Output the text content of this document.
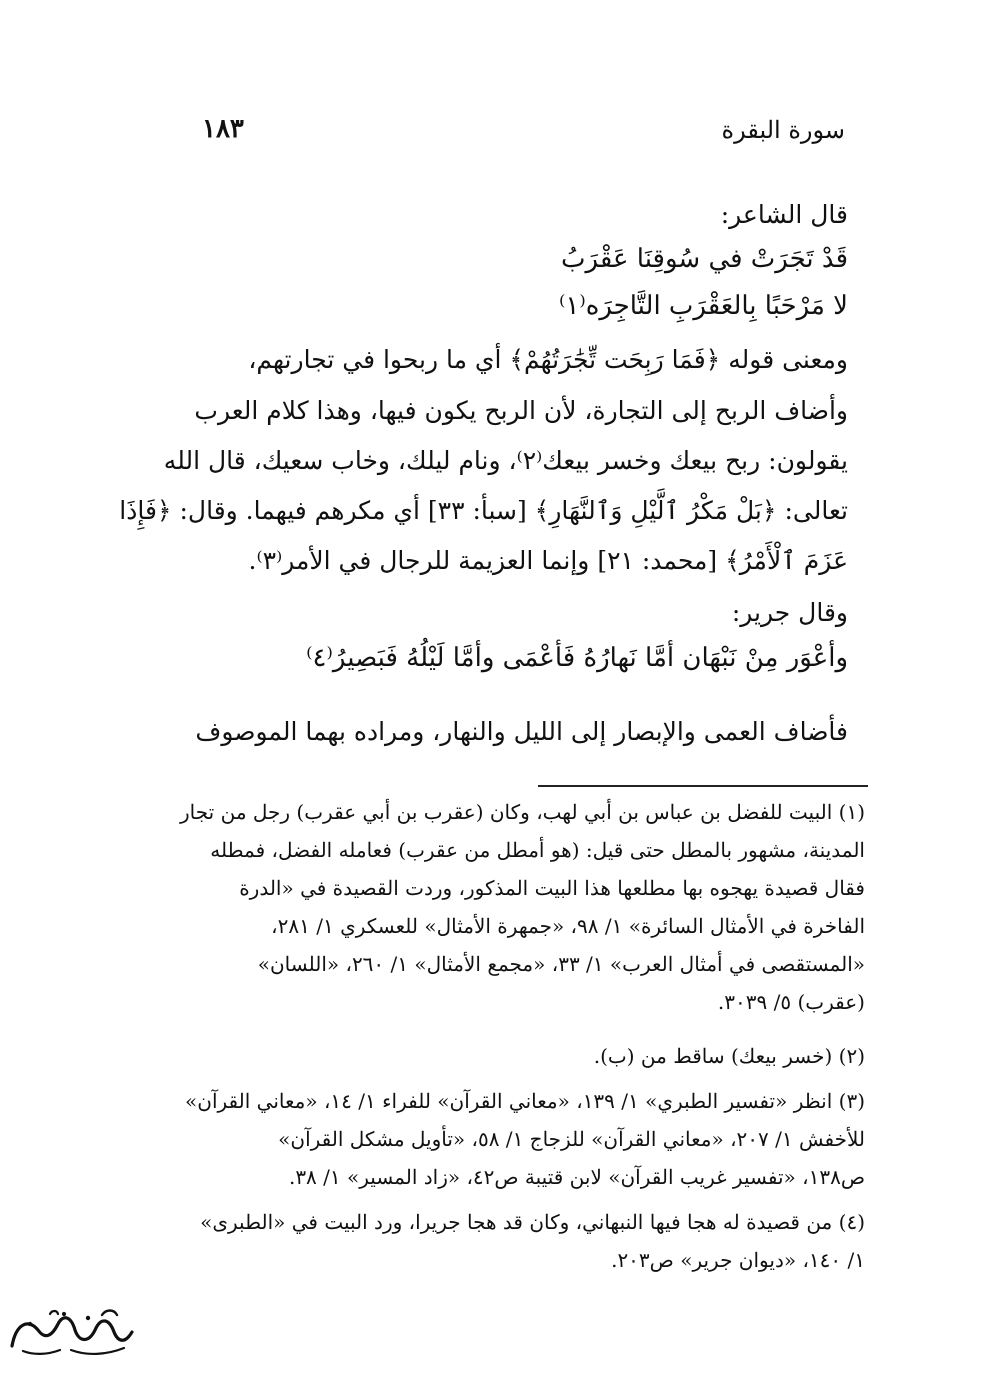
سورة البقرة
١٨٣
قال الشاعر:
قَدْ تَجَرَتْ في سُوقِنَا عَقْرَبُ
لا مَرْحَبًا بِالعَقْرَبِ التَّاجِرَه⁽١⁾
ومعنى قوله ﴿فَمَا رَبِحَت تِّجَٰرَتُهُمْ﴾ أي ما ربحوا في تجارتهم،
وأضاف الربح إلى التجارة، لأن الربح يكون فيها، وهذا كلام العرب
يقولون: ربح بيعك وخسر بيعك⁽٢⁾، ونام ليلك، وخاب سعيك، قال الله
تعالى: ﴿بَلْ مَكْرُ ٱلَّيْلِ وَٱلنَّهَارِ﴾ [سبأ: ٣٣] أي مكرهم فيهما. وقال: ﴿فَإِذَا
عَزَمَ ٱلْأَمْرُ﴾ [محمد: ٢١] وإنما العزيمة للرجال في الأمر⁽٣⁾.
وقال جرير:
وأعْوَر مِنْ نَبْهَان أمَّا نَهارُهُ فَأعْمَى وأمَّا لَيْلُهُ فَبَصِيرُ⁽٤⁾
فأضاف العمى والإبصار إلى الليل والنهار، ومراده بهما الموصوف
(١) البيت للفضل بن عباس بن أبي لهب، وكان (عقرب بن أبي عقرب) رجل من تجار
المدينة، مشهور بالمطل حتى قيل: (هو أمطل من عقرب) فعامله الفضل، فمطله
فقال قصيدة يهجوه بها مطلعها هذا البيت المذكور، وردت القصيدة في «الدرة
الفاخرة في الأمثال السائرة» ١/ ٩٨، «جمهرة الأمثال» للعسكري ١/ ٢٨١،
«المستقصى في أمثال العرب» ١/ ٣٣، «مجمع الأمثال» ١/ ٢٦٠، «اللسان»
(عقرب) ٥/ ٣٠٣٩.
(٢) (خسر بيعك) ساقط من (ب).
(٣) انظر «تفسير الطبري» ١/ ١٣٩، «معاني القرآن» للفراء ١/ ١٤، «معاني القرآن»
للأخفش ١/ ٢٠٧، «معاني القرآن» للزجاج ١/ ٥٨، «تأويل مشكل القرآن»
ص١٣٨، «تفسير غريب القرآن» لابن قتيبة ص٤٢، «زاد المسير» ١/ ٣٨.
(٤) من قصيدة له هجا فيها النبهاني، وكان قد هجا جريرا، ورد البيت في «الطبرى»
١/ ١٤٠، «ديوان جرير» ص٢٠٣.
